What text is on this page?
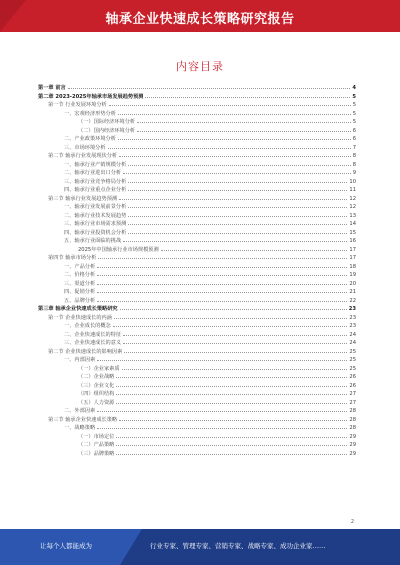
轴承企业快速成长策略研究报告
内容目录
第一章 前言	4
第二章 2023-2025年轴承市场发展趋势预测	5
第一节 行业发展环境分析	5
一、宏观经济形势分析	5
（一）国际经济环境分析	5
（二）国内经济环境分析	6
二、产业政策环境分析	6
三、市场环境分析	7
第二节 轴承行业发展现状分析	8
一、轴承行业产销规模分析	8
二、轴承行业进出口分析	9
三、轴承行业竞争格局分析	10
四、轴承行业重点企业分析	11
第三节 轴承行业发展趋势预测	12
一、轴承行业发展前景分析	12
二、轴承行业技术发展趋势	13
三、轴承行业市场需求预测	14
四、轴承行业投资机会分析	15
五、轴承行业面临的挑战	16
2025年中国轴承行业市场规模预测	17
第四节 轴承市场分析	17
一、产品分析	18
二、价格分析	19
三、渠道分析	20
四、促销分析	21
五、品牌分析	22
第三章 轴承企业快速成长策略研究	23
第一节 企业快速成长的内涵	23
一、企业成长的概念	23
二、企业快速成长的特征	24
三、企业快速成长的意义	24
第二节 企业快速成长的影响因素	25
一、内部因素	25
（一）企业家素质	25
（二）企业战略	26
（三）企业文化	26
（四）组织结构	27
（五）人力资源	27
二、外部因素	28
第三节 轴承企业快速成长策略	28
一、战略策略	28
（一）市场定位	29
（二）产品策略	29
（三）品牌策略	29
2
让每个人都能成为	行业专家、管理专家、营销专家、战略专家、成功企业家……
